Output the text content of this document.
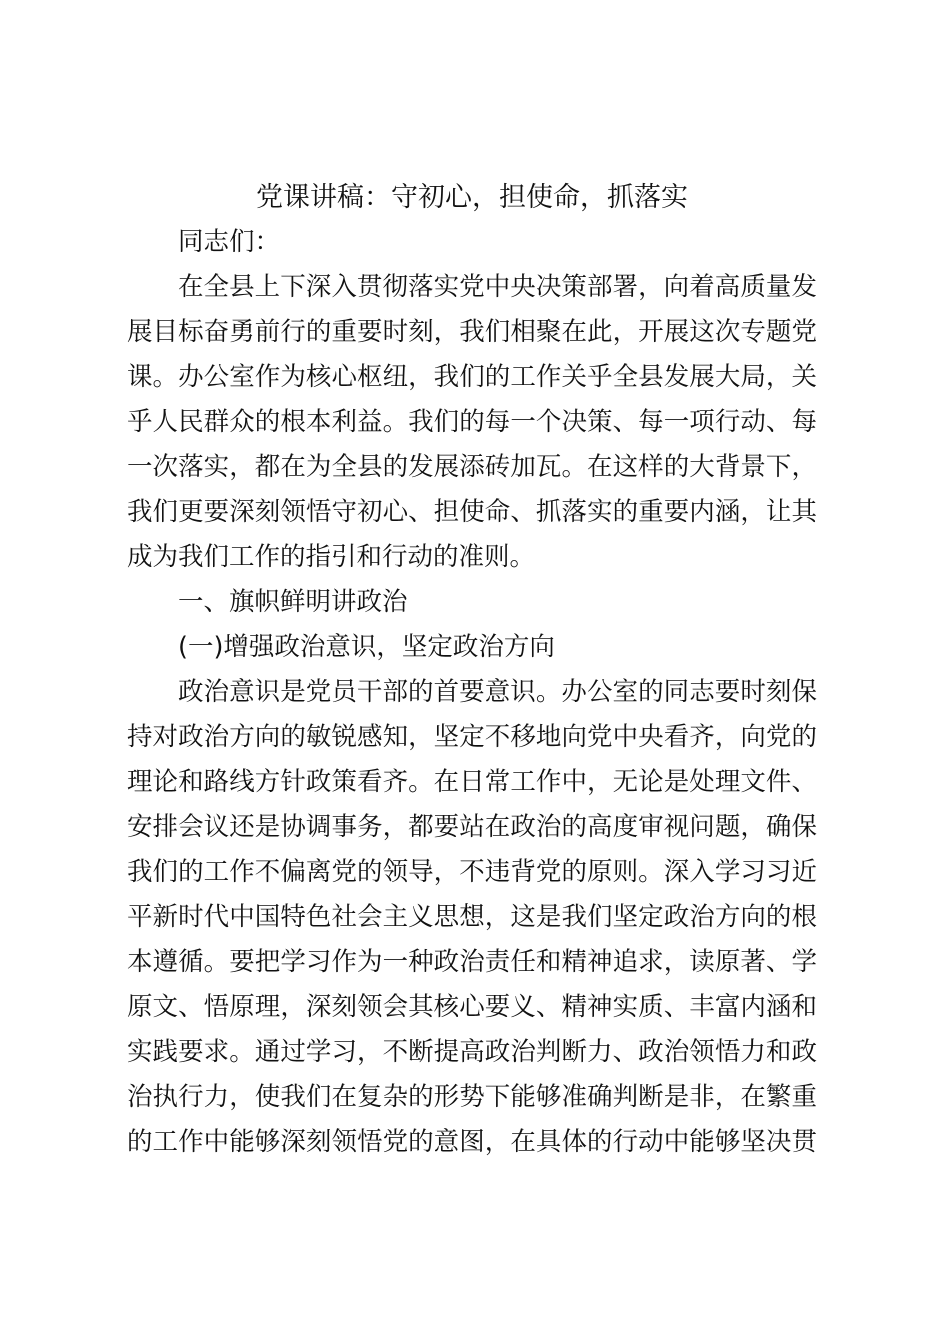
党课讲稿：守初心，担使命，抓落实
同志们：
在全县上下深入贯彻落实党中央决策部署，向着高质量发
展目标奋勇前行的重要时刻，我们相聚在此，开展这次专题党
课。办公室作为核心枢纽，我们的工作关乎全县发展大局，关
乎人民群众的根本利益。我们的每一个决策、每一项行动、每
一次落实，都在为全县的发展添砖加瓦。在这样的大背景下，
我们更要深刻领悟守初心、担使命、抓落实的重要内涵，让其
成为我们工作的指引和行动的准则。
一、旗帜鲜明讲政治
(一)增强政治意识，坚定政治方向
政治意识是党员干部的首要意识。办公室的同志要时刻保
持对政治方向的敏锐感知，坚定不移地向党中央看齐，向党的
理论和路线方针政策看齐。在日常工作中，无论是处理文件、
安排会议还是协调事务，都要站在政治的高度审视问题，确保
我们的工作不偏离党的领导，不违背党的原则。深入学习习近
平新时代中国特色社会主义思想，这是我们坚定政治方向的根
本遵循。要把学习作为一种政治责任和精神追求，读原著、学
原文、悟原理，深刻领会其核心要义、精神实质、丰富内涵和
实践要求。通过学习，不断提高政治判断力、政治领悟力和政
治执行力，使我们在复杂的形势下能够准确判断是非，在繁重
的工作中能够深刻领悟党的意图，在具体的行动中能够坚决贯
